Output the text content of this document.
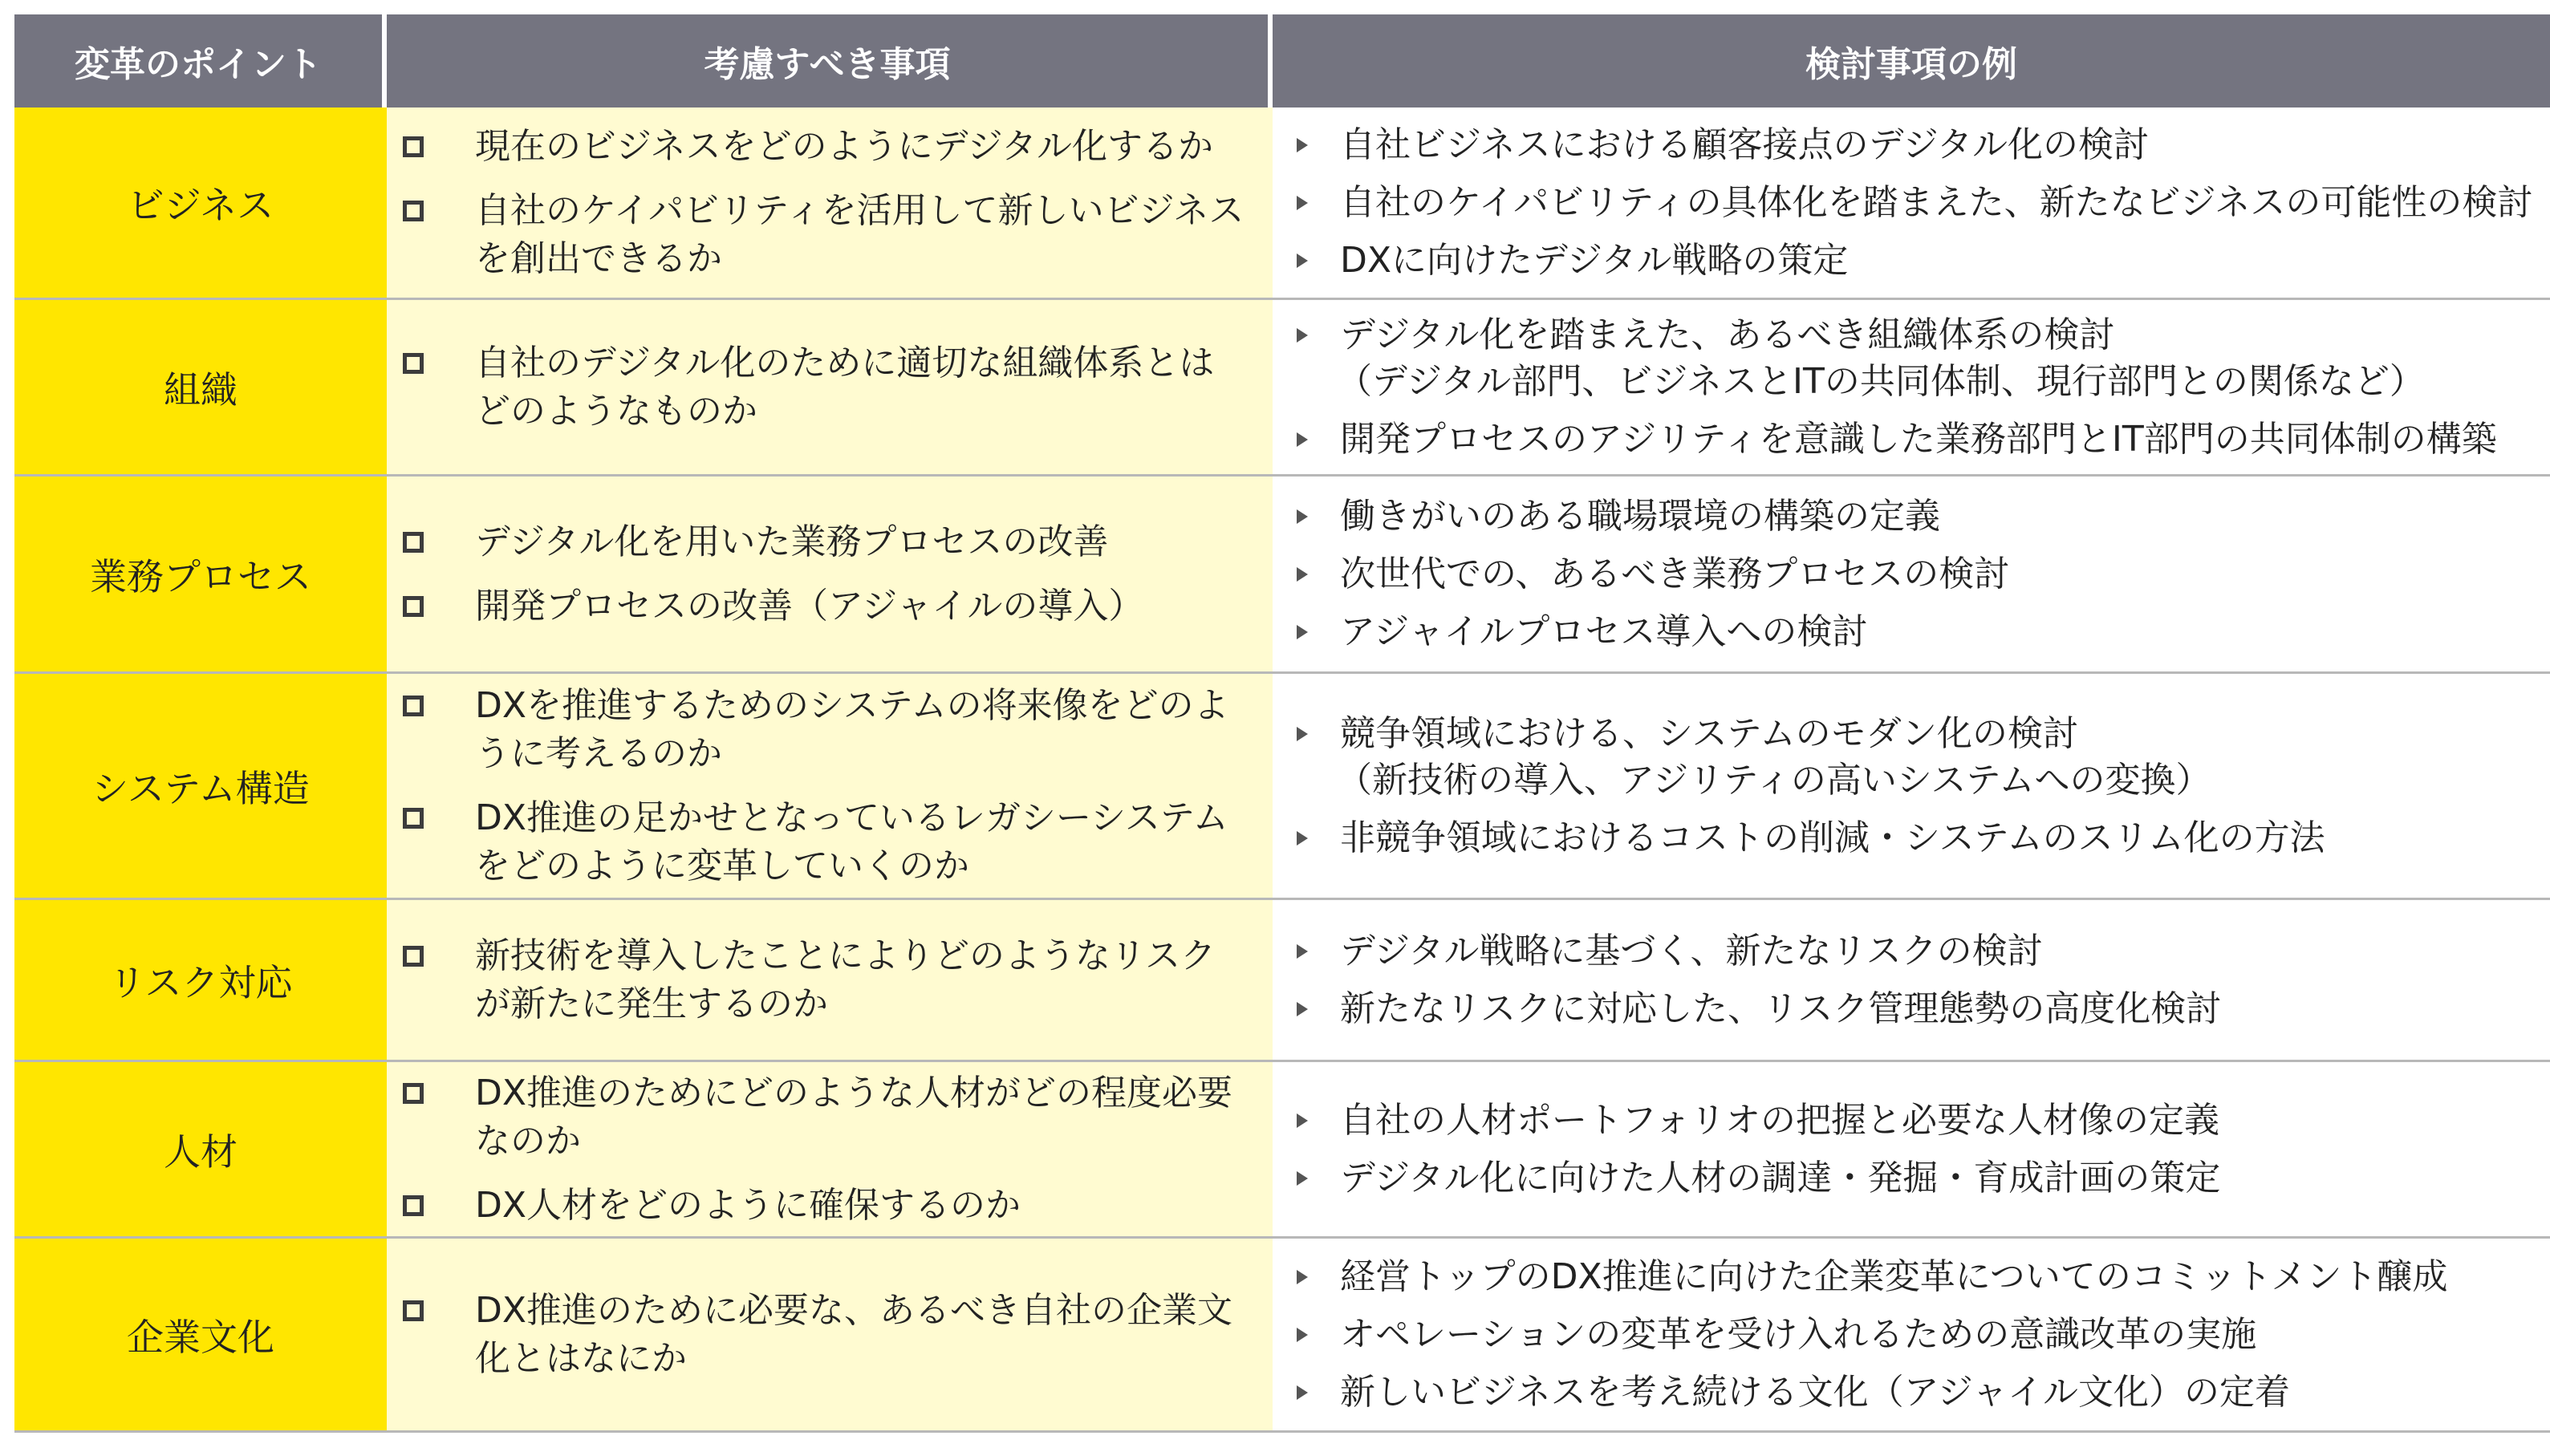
変革のポイント	考慮すべき事項	検討事項の例
ビジネス
現在のビジネスをどのようにデジタル化するか
自社のケイパビリティを活用して新しいビジネスを創出できるか
自社ビジネスにおける顧客接点のデジタル化の検討
自社のケイパビリティの具体化を踏まえた、新たなビジネスの可能性の検討
DXに向けたデジタル戦略の策定
組織
自社のデジタル化のために適切な組織体系とはどのようなものか
デジタル化を踏まえた、あるべき組織体系の検討
（デジタル部門、ビジネスとITの共同体制、現行部門との関係など）
開発プロセスのアジリティを意識した業務部門とIT部門の共同体制の構築
業務プロセス
デジタル化を用いた業務プロセスの改善
開発プロセスの改善（アジャイルの導入）
働きがいのある職場環境の構築の定義
次世代での、あるべき業務プロセスの検討
アジャイルプロセス導入への検討
システム構造
DXを推進するためのシステムの将来像をどのように考えるのか
DX推進の足かせとなっているレガシーシステムをどのように変革していくのか
競争領域における、システムのモダン化の検討
（新技術の導入、アジリティの高いシステムへの変換）
非競争領域におけるコストの削減・システムのスリム化の方法
リスク対応
新技術を導入したことによりどのようなリスクが新たに発生するのか
デジタル戦略に基づく、新たなリスクの検討
新たなリスクに対応した、リスク管理態勢の高度化検討
人材
DX推進のためにどのような人材がどの程度必要なのか
DX人材をどのように確保するのか
自社の人材ポートフォリオの把握と必要な人材像の定義
デジタル化に向けた人材の調達・発掘・育成計画の策定
企業文化
DX推進のために必要な、あるべき自社の企業文化とはなにか
経営トップのDX推進に向けた企業変革についてのコミットメント醸成
オペレーションの変革を受け入れるための意識改革の実施
新しいビジネスを考え続ける文化（アジャイル文化）の定着
